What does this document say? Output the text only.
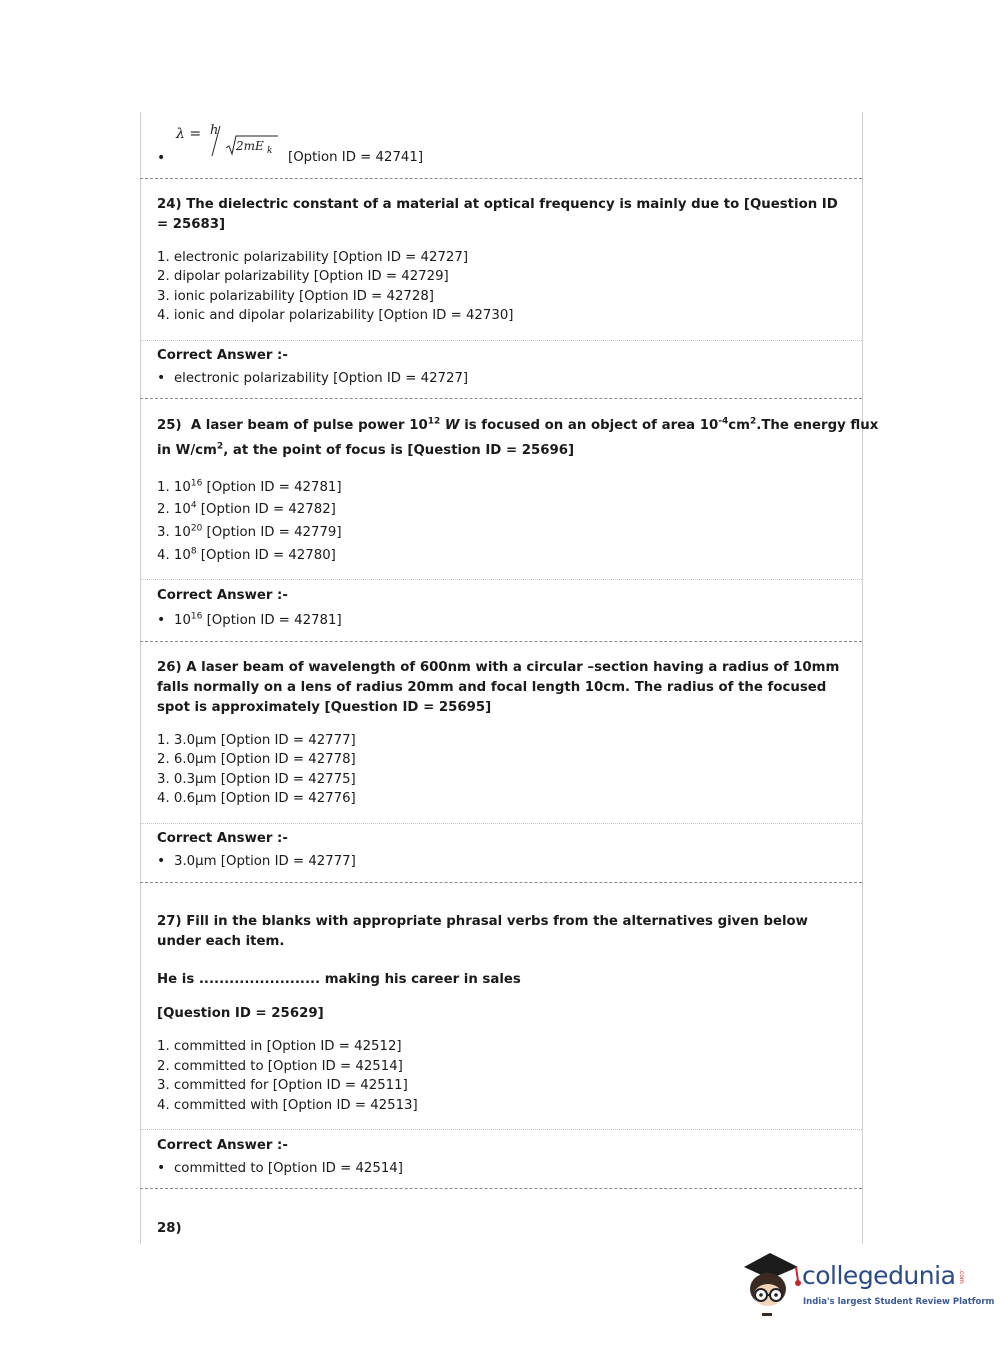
λ = h
2mE k
•	[Option ID = 42741]
24) The dielectric constant of a material at optical frequency is mainly due to [Question ID = 25683]
1. electronic polarizability [Option ID = 42727]
2. dipolar polarizability [Option ID = 42729]
3. ionic polarizability [Option ID = 42728]
4. ionic and dipolar polarizability [Option ID = 42730]
Correct Answer :-
• electronic polarizability [Option ID = 42727]
25) A laser beam of pulse power $10^{12}$ W is focused on an object of area $10^{-4}cm^2.The$ energy flux
in $W/cm^2$, at the point of focus is [Question ID = 25696]
1. $10^{16}$ [Option ID = 42781]
2. $10^4$ [Option ID = 42782]
3. $10^{20}$ [Option ID = 42779]
4. $10^8$ [Option ID = 42780]
Correct Answer :-
• $10^{16}$ [Option ID = 42781]
26) A laser beam of wavelength of 600nm with a circular –section having a radius of 10mm falls normally on a lens of radius 20mm and focal length 10cm. The radius of the focused spot is approximately [Question ID = 25695]
1. 3.0µm [Option ID = 42777]
2. 6.0µm [Option ID = 42778]
3. 0.3µm [Option ID = 42775]
4. 0.6µm [Option ID = 42776]
Correct Answer :-
• 3.0µm [Option ID = 42777]
27) Fill in the blanks with appropriate phrasal verbs from the alternatives given below under each item.
He is ........................ making his career in sales
[Question ID = 25629]
1. committed in [Option ID = 42512]
2. committed to [Option ID = 42514]
3. committed for [Option ID = 42511]
4. committed with [Option ID = 42513]
Correct Answer :-
• committed to [Option ID = 42514]
28)
collegedunia .com
India's largest Student Review Platform
